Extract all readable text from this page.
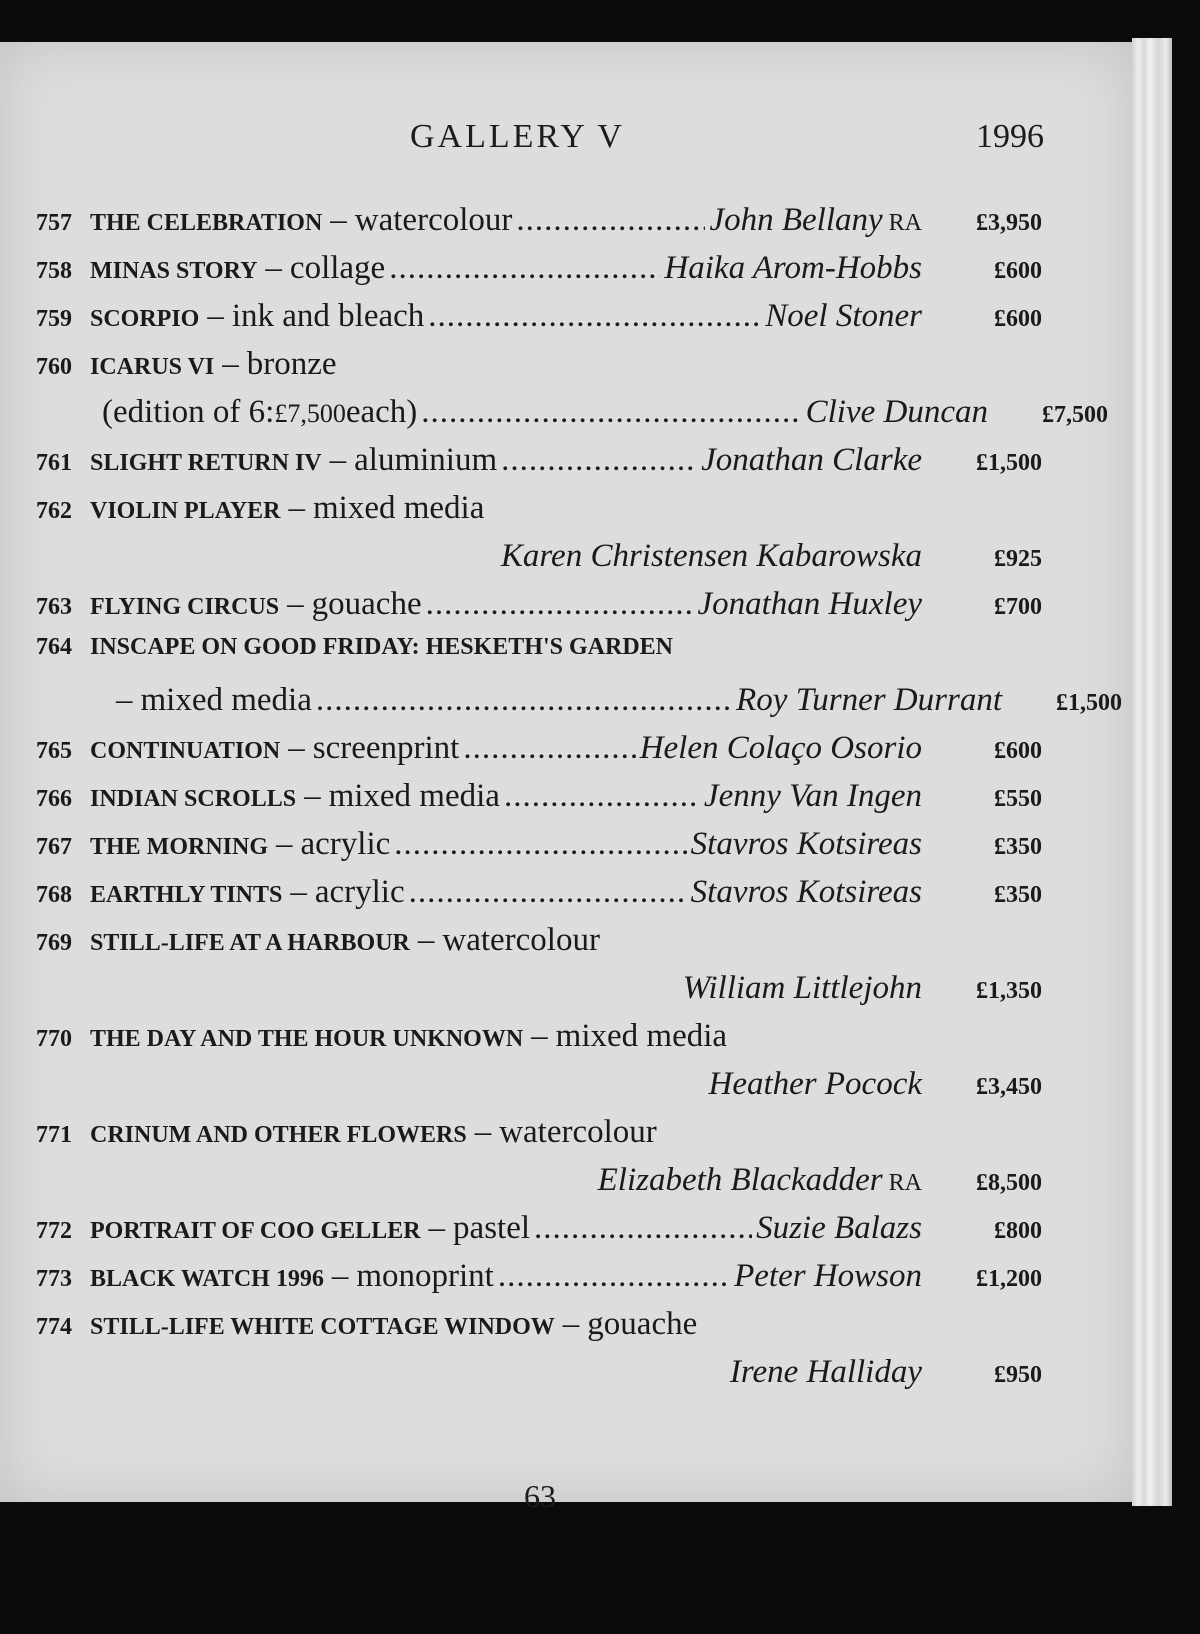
GALLERY V	1996
757 THE CELEBRATION – watercolour .....	John Bellany RA	£3,950
758 MINAS STORY – collage .....	Haika Arom-Hobbs	£600
759 SCORPIO – ink and bleach .....	Noel Stoner	£600
760 ICARUS VI – bronze
(edition of 6: £7,500 each) .....	Clive Duncan	£7,500
761 SLIGHT RETURN IV – aluminium .....	Jonathan Clarke	£1,500
762 VIOLIN PLAYER – mixed media
Karen Christensen Kabarowska	£925
763 FLYING CIRCUS – gouache .....	Jonathan Huxley	£700
764 INSCAPE ON GOOD FRIDAY: HESKETH'S GARDEN
– mixed media .....	Roy Turner Durrant	£1,500
765 CONTINUATION – screenprint .....	Helen Colaço Osorio	£600
766 INDIAN SCROLLS – mixed media .....	Jenny Van Ingen	£550
767 THE MORNING – acrylic .....	Stavros Kotsireas	£350
768 EARTHLY TINTS – acrylic .....	Stavros Kotsireas	£350
769 STILL-LIFE AT A HARBOUR – watercolour
William Littlejohn	£1,350
770 THE DAY AND THE HOUR UNKNOWN – mixed media
Heather Pocock	£3,450
771 CRINUM AND OTHER FLOWERS – watercolour
Elizabeth Blackadder RA	£8,500
772 PORTRAIT OF COO GELLER – pastel .....	Suzie Balazs	£800
773 BLACK WATCH 1996 – monoprint .....	Peter Howson	£1,200
774 STILL-LIFE WHITE COTTAGE WINDOW – gouache
Irene Halliday	£950
63
